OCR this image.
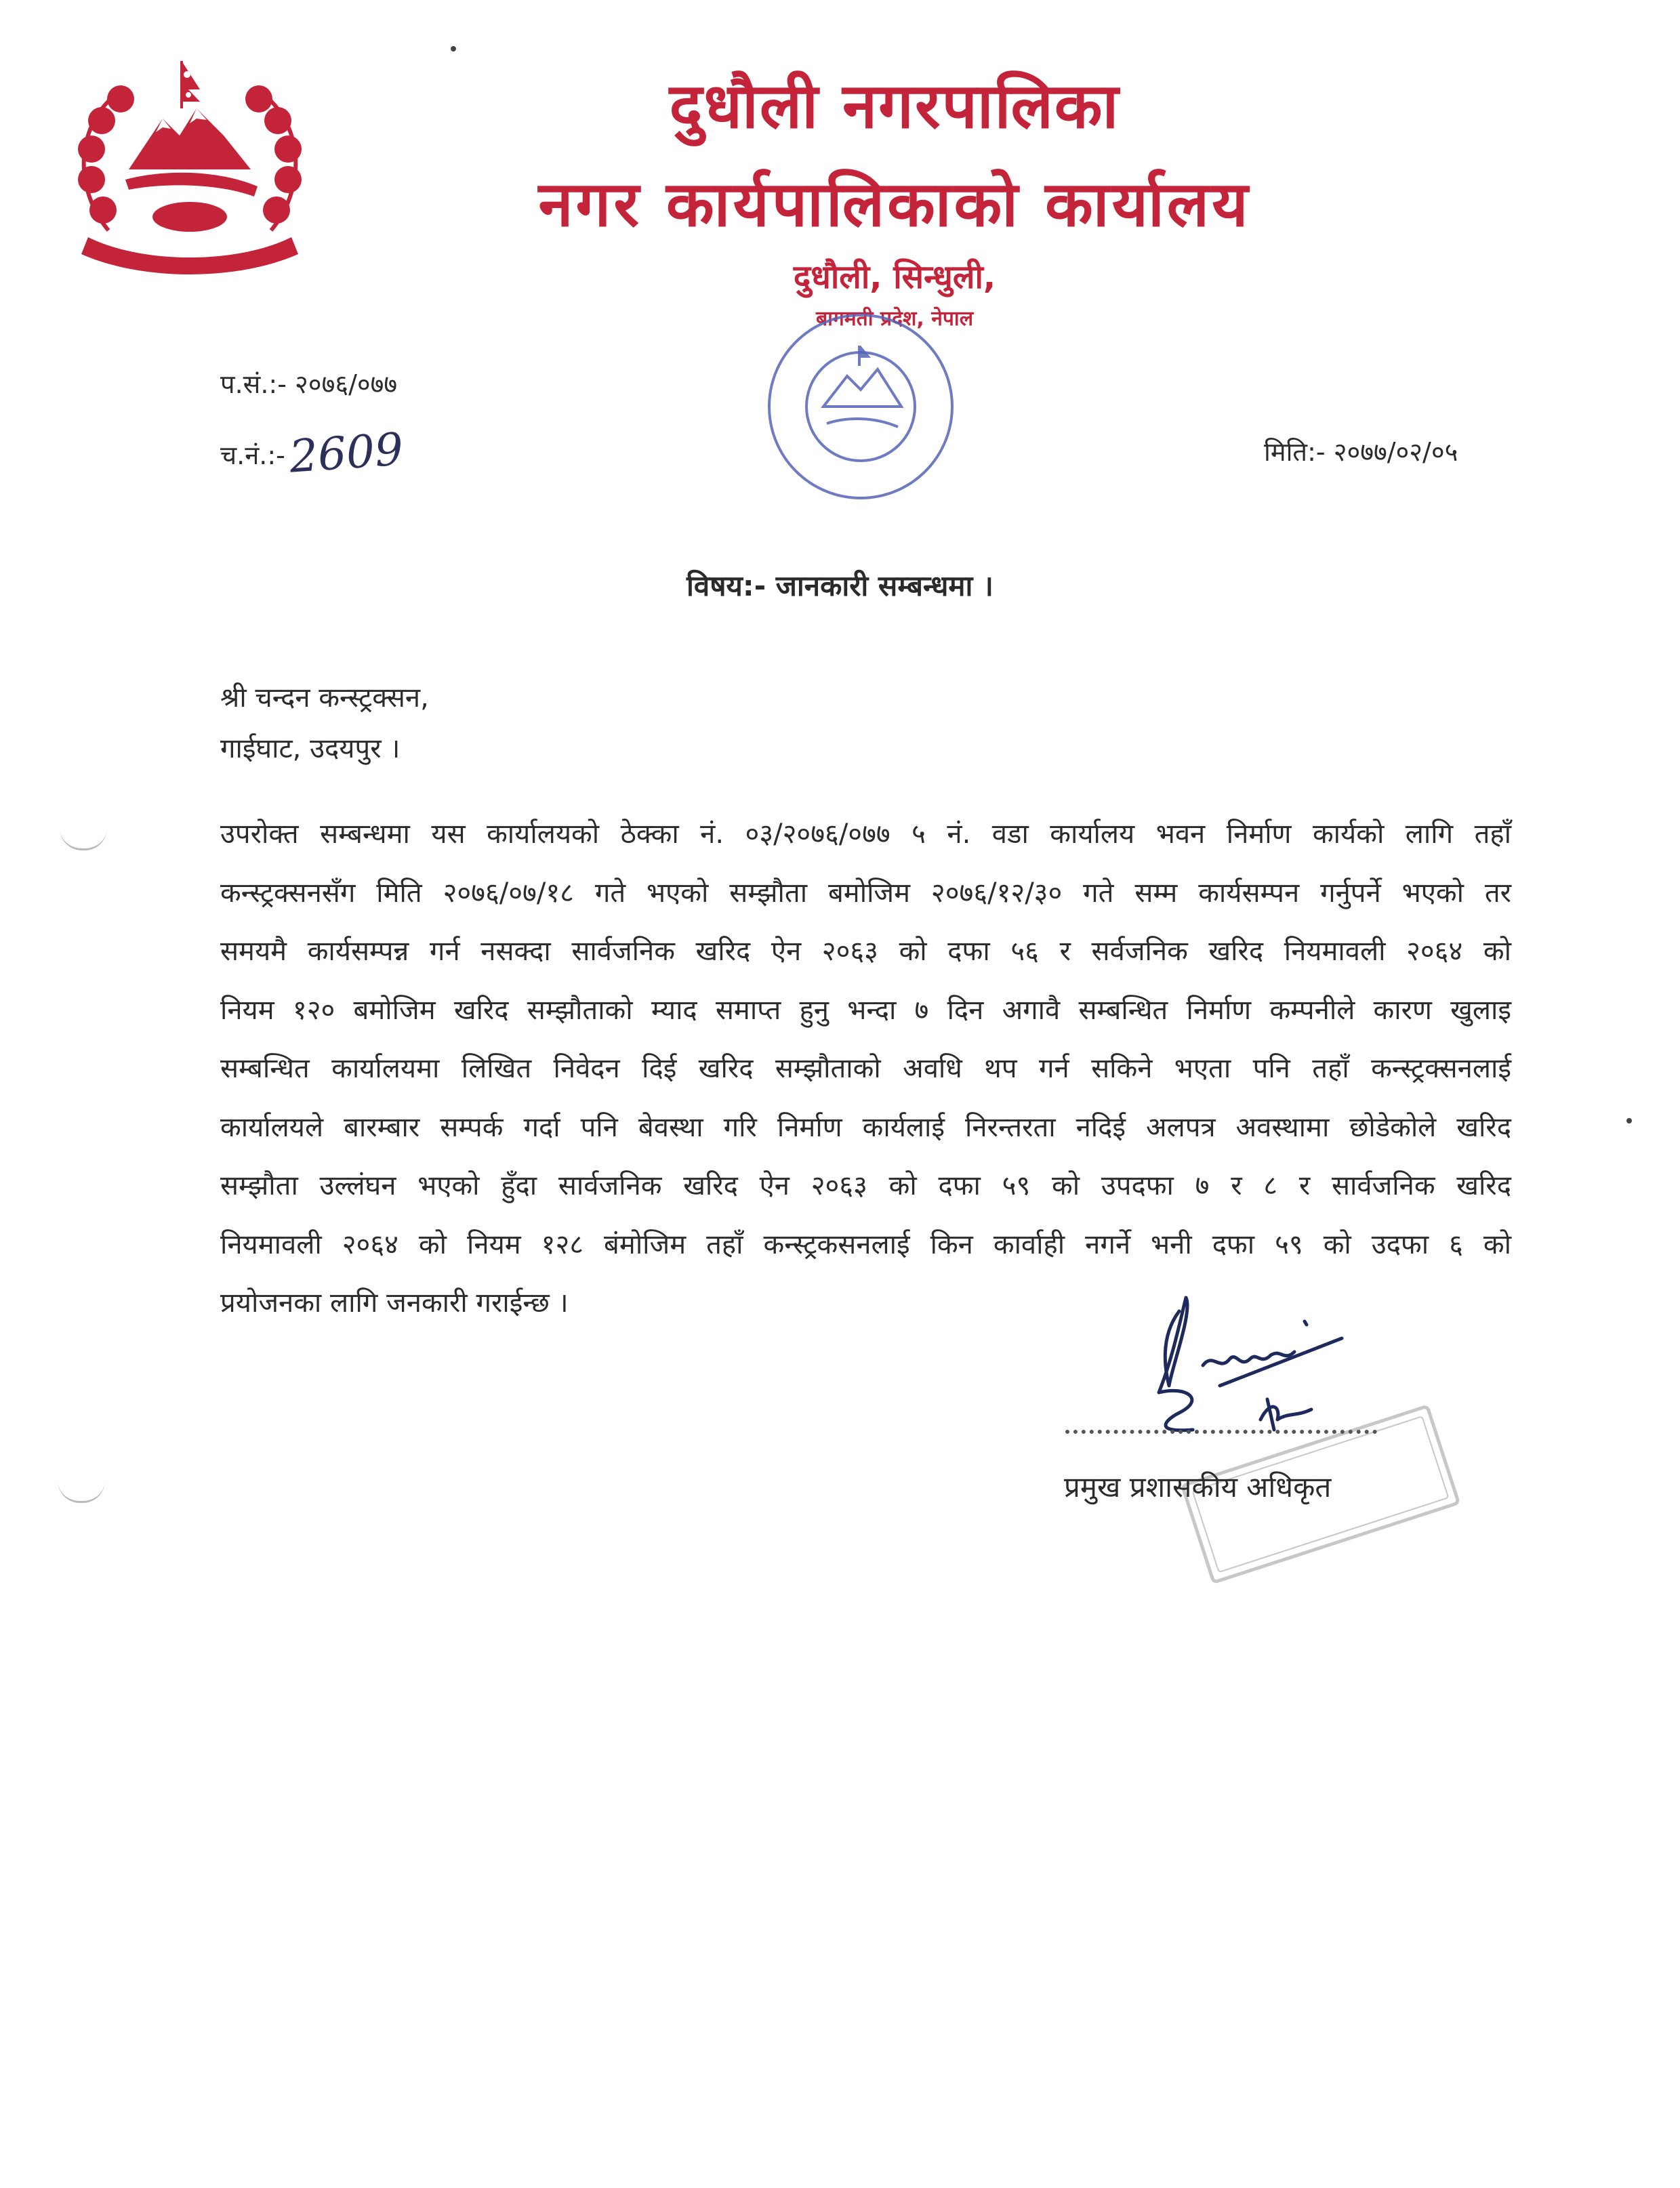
दुधौली नगरपालिका
नगर कार्यपालिकाको कार्यालय
दुधौली, सिन्धुली,
बागमती प्रदेश, नेपाल
प.सं.:- २०७६/०७७
च.नं.:-2609	मिति:- २०७७/०२/०५
विषय:- जानकारी सम्बन्धमा ।
श्री चन्दन कन्स्ट्रक्सन,
गाईघाट, उदयपुर ।
उपरोक्त सम्बन्धमा यस कार्यालयको ठेक्का नं. ०३/२०७६/०७७ ५ नं. वडा कार्यालय भवन निर्माण कार्यको लागि तहाँ
कन्स्ट्रक्सनसँग मिति २०७६/०७/१८ गते भएको सम्झौता बमोजिम २०७६/१२/३० गते सम्म कार्यसम्पन गर्नुपर्ने भएको तर
समयमै कार्यसम्पन्न गर्न नसक्दा सार्वजनिक खरिद ऐन २०६३ को दफा ५६ र सर्वजनिक खरिद नियमावली २०६४ को
नियम १२० बमोजिम खरिद सम्झौताको म्याद समाप्त हुनु भन्दा ७ दिन अगावै सम्बन्धित निर्माण कम्पनीले कारण खुलाइ
सम्बन्धित कार्यालयमा लिखित निवेदन दिई खरिद सम्झौताको अवधि थप गर्न सकिने भएता पनि तहाँ कन्स्ट्रक्सनलाई
कार्यालयले बारम्बार सम्पर्क गर्दा पनि बेवस्था गरि निर्माण कार्यलाई निरन्तरता नदिई अलपत्र अवस्थामा छोडेकोले खरिद
सम्झौता उल्लंघन भएको हुँदा सार्वजनिक खरिद ऐन २०६३ को दफा ५९ को उपदफा ७ र ८ र सार्वजनिक खरिद
नियमावली २०६४ को नियम १२८ बंमोजिम तहाँ कन्स्ट्रकसनलाई किन कार्वाही नगर्ने भनी दफा ५९ को उदफा ६ को
प्रयोजनका लागि जनकारी गराईन्छ ।
प्रमुख प्रशासकीय अधिकृत
